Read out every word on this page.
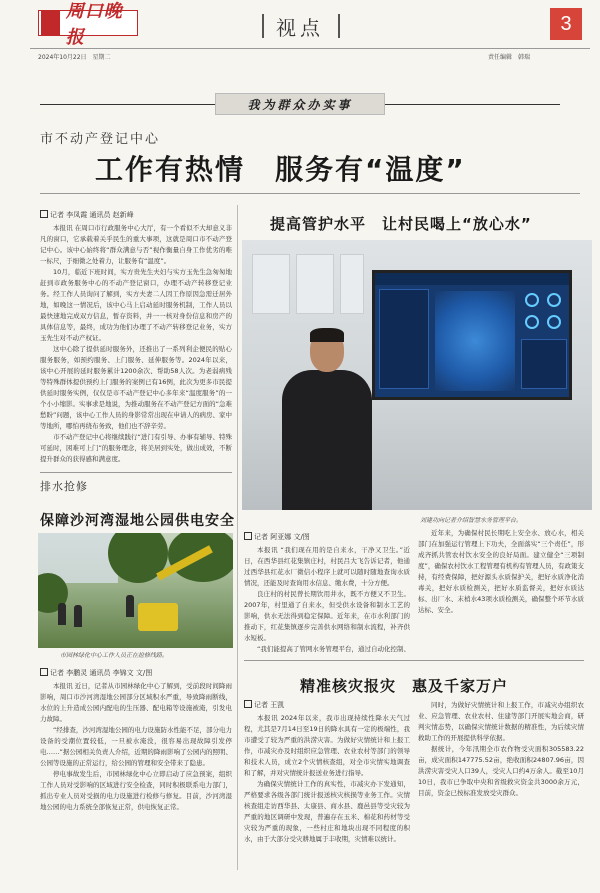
周口晚报	视点	3
2024年10月22日　星期二	责任编辑　韩瑞
我为群众办实事
市不动产登记中心
工作有热情　服务有“温度”
记者 李凤霞 通讯员 赵新峰

本报讯 在周口市行政服务中心大厅，有一个看似不大却意义非凡的窗口，它承载着关乎民生的重大事项，这就是周口市不动产登记中心。该中心始终将“群众满意与否”视作衡量自身工作优劣的唯一标尺，于细微之处着力，让服务有“温度”。

10月，临近下班时间，实方贵先生夫妇与实方玉先生急匆匆地赶到市政务服务中心的不动产登记窗口，办理不动产转移登记业务。经工作人员询问了解到，实方夫妻二人因工作原因急需迁居外地，如晚这一情况后，该中心马上启动延时服务机制，工作人员以最快速地完成双方信息，暂存资料，并一一核对身份信息和房产的具体信息等，最终，成功为他们办理了不动产转移登记业务，实方玉先生对不动产权证。

这中心除了提供延时服务外，还推出了一系列利企便民的贴心服务服务，如预约服务、上门服务、延伸服务等。2024年以来，该中心开展的延时服务累计1200余次、帮助58人次。为老弱病残等特殊群体提供预约上门服务的案例已有16例，此次为更多市民提供延时服务实例，仅仅是市不动产登记中心多年来“温度服务”的一个小小缩影。实事求是地说，为推动服务在不动产登记方面的“急难愁盼”问题，该中心工作人员的身影常常出现在申请人的病房、家中等地所，哪怕再绕布务致，他们也不辞辛劳。

市不动产登记中心将继续践行“进门有引导、办事有辅导、特殊可延时，困难可上门”的服务理念，将美居到实处，做出成效，不断提升群众的获得感和满意度。

提高管护水平　让村民喝上“放心水”
刘建功向记者介绍智慧水务管理平台。
记者 阿亚娜 文/图

本报讯 “我们现在用的是自来水，干净又卫生。”近日，在西华县红花集镇庄村，村民吕大飞告诉记者，他通过西华县红花水厂微信小程序上就可以随时随地查询水质情况，还能及时查询用水信息、缴水费，十分方便。

良庄村的村民曾长期饮用井水，既不方便又不卫生。2007年，村里通了自来水，但受供水设备和制水工艺的影响，供水无法得到稳定保障。近年来，在市水利部门的推动下，红花集镇逐步完善供水网络和制水流程，补齐供水短板。

“我们能提高了管网水务管理平台，通过自动化控制、

近年来，为确保村民长期吃上安全水、放心水，相关部门在加强运行管理上下功夫，全面落实“三个责任”，形成齐抓共管农村饮水安全的良好局面。建立健全“三项制度”，确保农村饮水工程管理有机构有管理人员，有政策支持，有经费保障，把好源头水质保护关，把好水质净化消毒关，把好水质检测关，把好水质监督关，把好水质达标、出厂水、末梢水43项水质检测关，确保整个环节水质达标、安全。

排水抢修
保障沙河湾湿地公园供电安全
市园林绿化中心工作人员正在抢修线路。
记者 李鹏灵 通讯员 李锦文 文/图

本报讯 近日，记者从市园林绿化中心了解到，受前段时间降雨影响，周口市沙河湾湿地公园部分区域积水严重，导致降雨断线，水位的上升造成公园内配电的生压器、配电箱等设施被淹，引发电力故障。

“经排查，沙河湾湿地公园的电力设施防水性能不足，部分电力设备的受潮位置较低，一旦被水淹没，很容易出现故障引发停电……”据公园相关负责人介绍，近期的降雨影响了公园内的照明、公园等设施的正常运行，给公园的管理和安全带来了隐患。

停电事故发生后，市园林绿化中心立即启动了应急预案，组织工作人员对受影响的区域进行安全检查，同时积极联系电力部门，抓出专业人员对受损的电力设施进行检修与修复。目前，沙河湾湿地公园的电力系统全部恢复正常，供电恢复正常。

精准核灾报灾　惠及千家万户
记者 王凯

本报讯 2024年以来，我市出现持续性降水天气过程，尤其是7月14日至19日的降水具有一定的极端性，我市遭受了较为严重的洪涝灾害。为做好灾情统计和上报工作，市减灾办及时组织应急管理、农业农村等部门的领导和技术人员，成立2个灾情核查组，对全市灾情实地调查和了解，并对灾情统计报送业务进行指导。

为确保灾情统计工作的真实性，市减灾办下发通知，严格要求各级各部门统计报送核灾核损等业务工作。灾情核查组走访西华县、太康县、商水县、鹿邑县等受灾较为严重的地区调研中发现，普遍存在玉米、棉花和药材等受灾较为严重的现象，一些村庄和地块出现不同程度的积水，由于大部分受灾耕地属于丰收期，灾情难以统计。

同时，为做好灾情统计和上报工作，市减灾办组织农业、应急管理、农业农村、住建等部门开展实地会商，研判灾情态势，以确保灾情统计数据的精准性，为后续灾情救助工作的开展提供科学依据。

据统计，今年汛期全市农作物受灾面积305583.22亩，成灾面积147775.52亩，绝收面积24807.96亩，因洪涝灾害受灾人口39人，受灾人口约4万余人。截至10月10日，我市已争取中央和省级救灾资金共3000余万元，目前，资金已按标准发放受灾群众。
